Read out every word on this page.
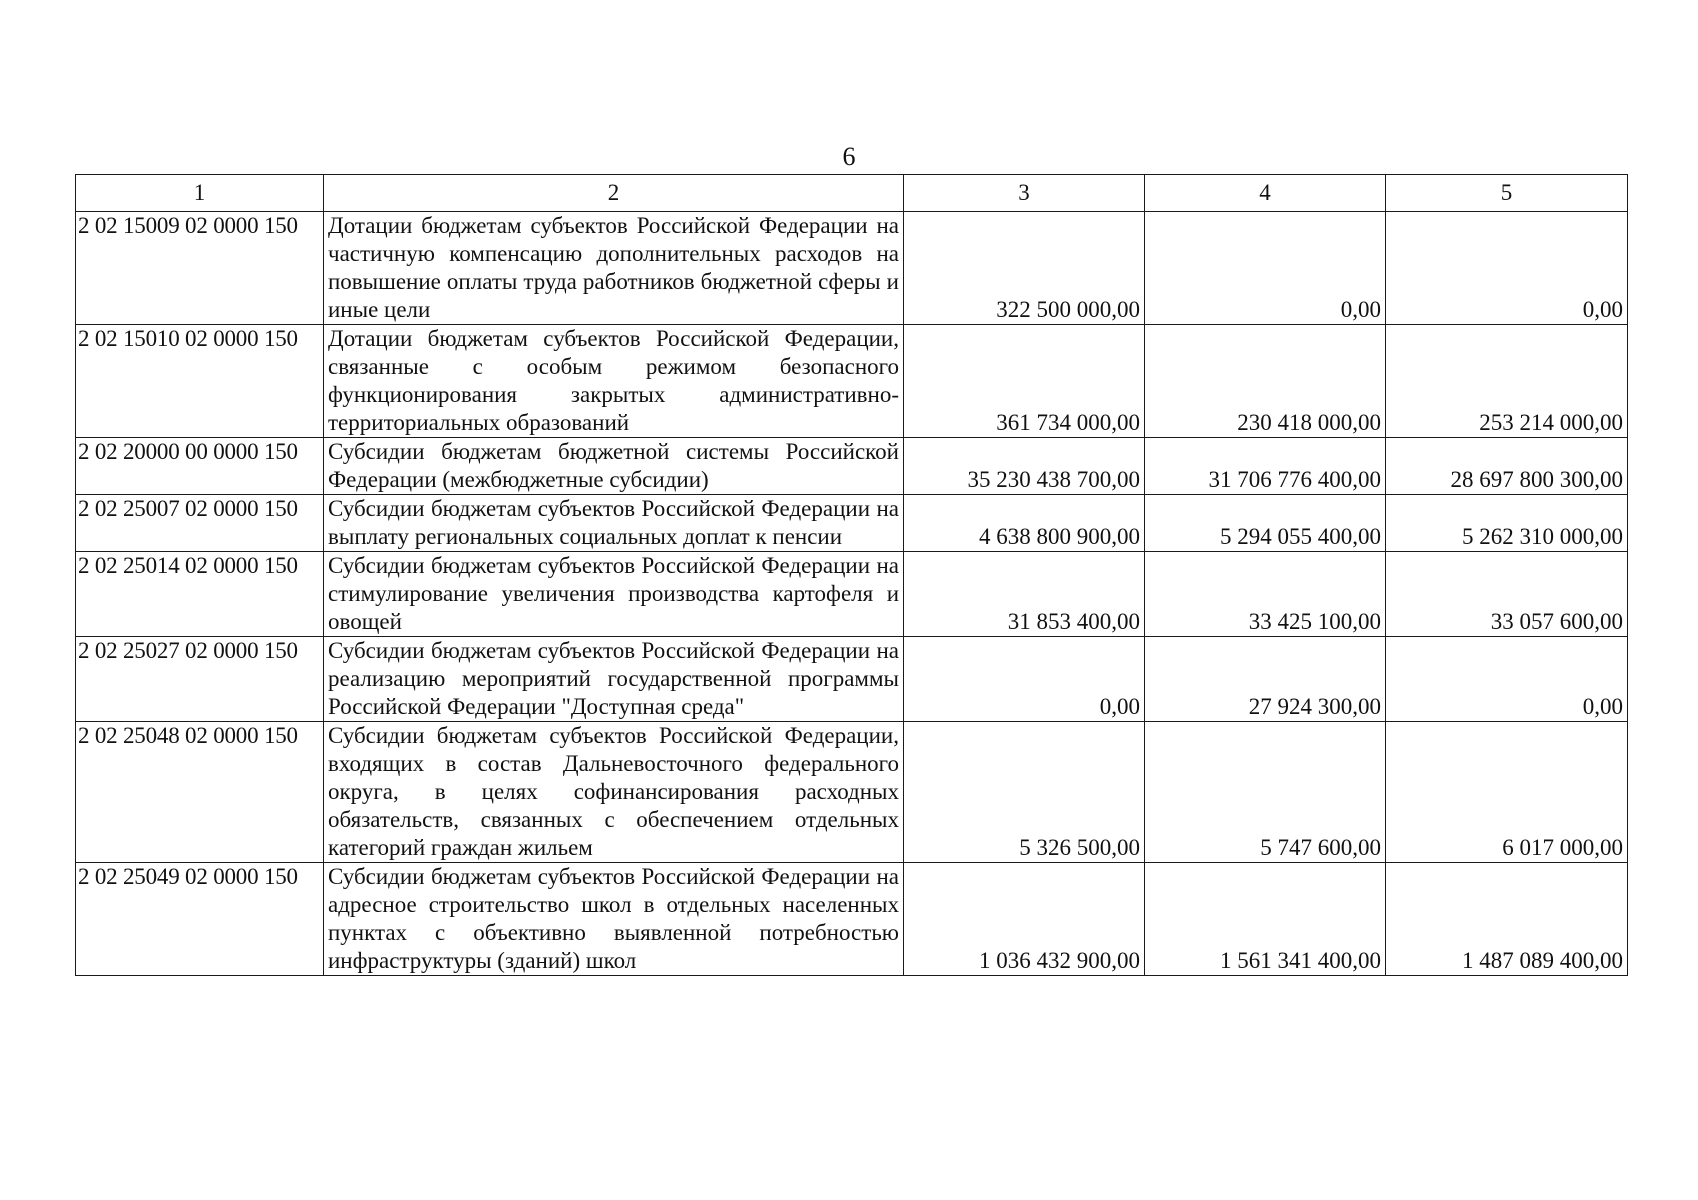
6
1	2	3	4	5
2 02 15009 02 0000 150	Дотации бюджетам субъектов Российской Федерации на частичную компенсацию дополнительных расходов на повышение оплаты труда работников бюджетной сферы и иные цели	322 500 000,00	0,00	0,00
2 02 15010 02 0000 150	Дотации бюджетам субъектов Российской Федерации, связанные с особым режимом безопасного функционирования закрытых административно-территориальных образований	361 734 000,00	230 418 000,00	253 214 000,00
2 02 20000 00 0000 150	Субсидии бюджетам бюджетной системы Российской Федерации (межбюджетные субсидии)	35 230 438 700,00	31 706 776 400,00	28 697 800 300,00
2 02 25007 02 0000 150	Субсидии бюджетам субъектов Российской Федерации на выплату региональных социальных доплат к пенсии	4 638 800 900,00	5 294 055 400,00	5 262 310 000,00
2 02 25014 02 0000 150	Субсидии бюджетам субъектов Российской Федерации на стимулирование увеличения производства картофеля и овощей	31 853 400,00	33 425 100,00	33 057 600,00
2 02 25027 02 0000 150	Субсидии бюджетам субъектов Российской Федерации на реализацию мероприятий государственной программы Российской Федерации "Доступная среда"	0,00	27 924 300,00	0,00
2 02 25048 02 0000 150	Субсидии бюджетам субъектов Российской Федерации, входящих в состав Дальневосточного федерального округа, в целях софинансирования расходных обязательств, связанных с обеспечением отдельных категорий граждан жильем	5 326 500,00	5 747 600,00	6 017 000,00
2 02 25049 02 0000 150	Субсидии бюджетам субъектов Российской Федерации на адресное строительство школ в отдельных населенных пунктах с объективно выявленной потребностью инфраструктуры (зданий) школ	1 036 432 900,00	1 561 341 400,00	1 487 089 400,00
